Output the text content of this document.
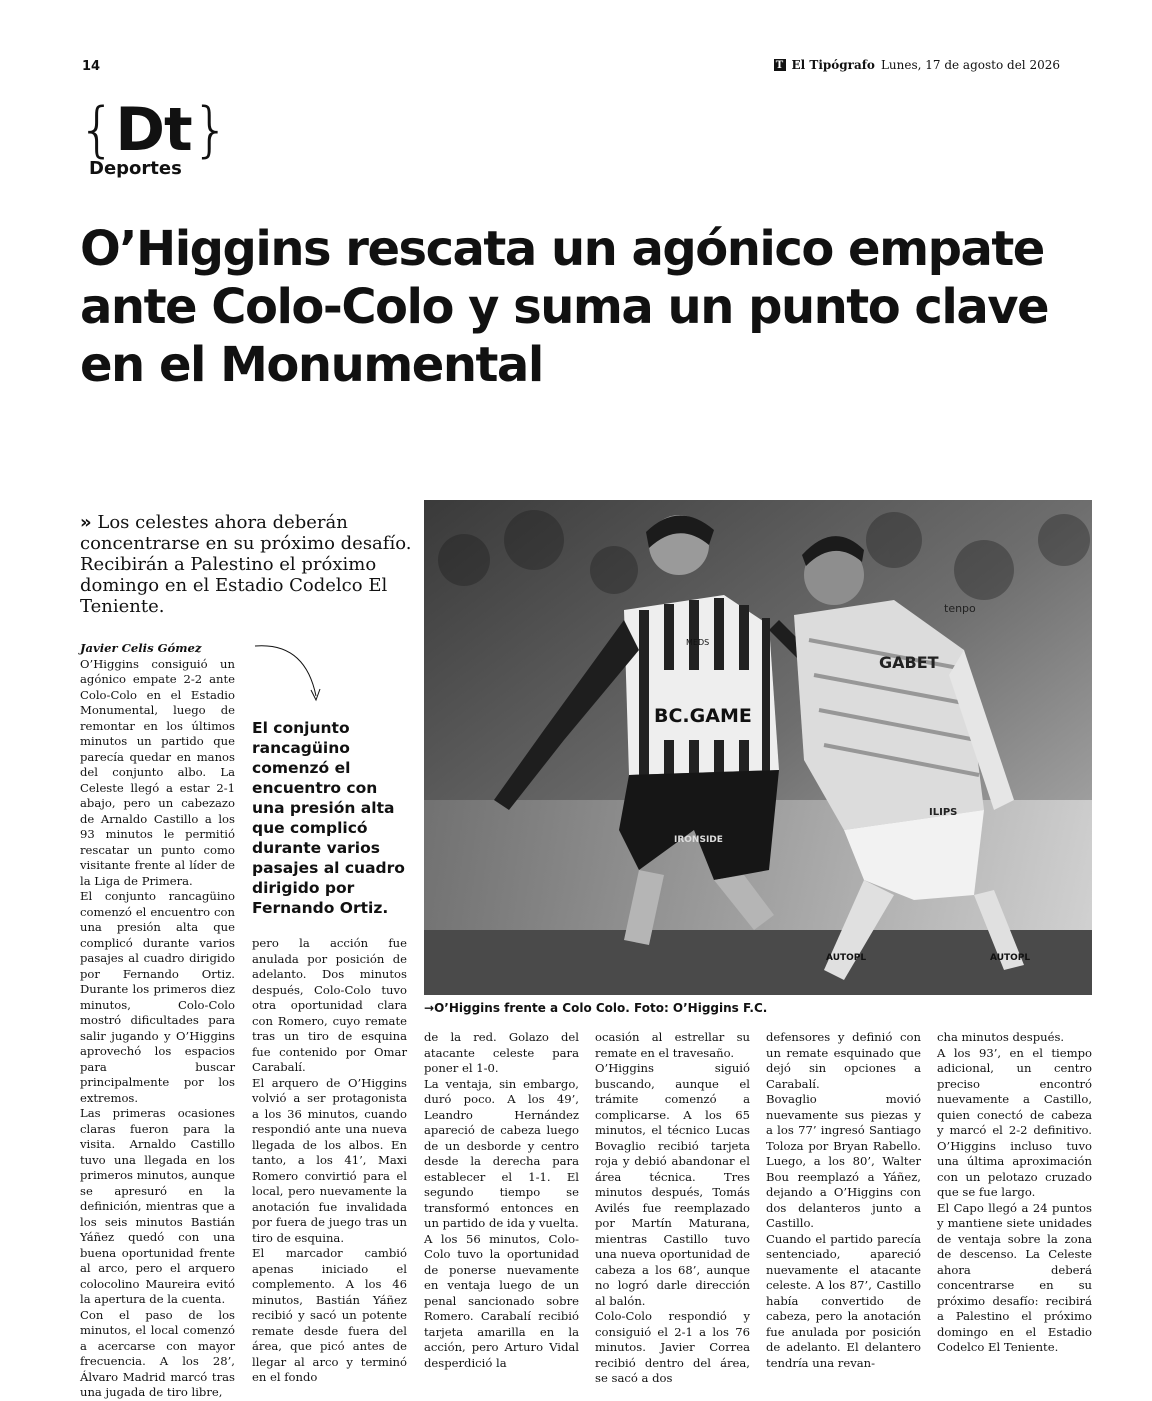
14	T El Tipógrafo Lunes, 17 de agosto del 2026
{Dt}
Deportes
O’Higgins rescata un agónico empate ante Colo-Colo y suma un punto clave en el Monumental
» Los celestes ahora deberán concentrarse en su próximo desafío. Recibirán a Palestino el próximo domingo en el Estadio Codelco El Teniente.
BC.GAME
MEDS
IRONSIDE
GABET
tenpo
ILIPS
AUTOPL	AUTOPL
→O’Higgins frente a Colo Colo. Foto: O’Higgins F.C.
El conjunto rancagüino comenzó el encuentro con una presión alta que complicó durante varios pasajes al cuadro dirigido por Fernando Ortiz.

Javier Celis Gómez

O’Higgins consiguió un agónico empate 2-2 ante Colo-Colo en el Estadio Monumental, luego de remontar en los últimos minutos un partido que parecía quedar en manos del conjunto albo. La Celeste llegó a estar 2-1 abajo, pero un cabezazo de Arnaldo Castillo a los 93 minutos le permitió rescatar un punto como visitante frente al líder de la Liga de Primera.

El conjunto rancagüino comenzó el encuentro con una presión alta que complicó durante varios pasajes al cuadro dirigido por Fernando Ortiz. Durante los primeros diez minutos, Colo-Colo mostró dificultades para salir jugando y O’Higgins aprovechó los espacios para buscar principalmente por los extremos.

Las primeras ocasiones claras fueron para la visita. Arnaldo Castillo tuvo una llegada en los primeros minutos, aunque se apresuró en la definición, mientras que a los seis minutos Bastián Yáñez quedó con una buena oportunidad frente al arco, pero el arquero colocolino Maureira evitó la apertura de la cuenta.

Con el paso de los minutos, el local comenzó a acercarse con mayor frecuencia. A los 28’, Álvaro Madrid marcó tras una jugada de tiro libre,

pero la acción fue anulada por posición de adelanto. Dos minutos después, Colo-Colo tuvo otra oportunidad clara con Romero, cuyo remate tras un tiro de esquina fue contenido por Omar Carabalí.

El arquero de O’Higgins volvió a ser protagonista a los 36 minutos, cuando respondió ante una nueva llegada de los albos. En tanto, a los 41’, Maxi Romero convirtió para el local, pero nuevamente la anotación fue invalidada por fuera de juego tras un tiro de esquina.

El marcador cambió apenas iniciado el complemento. A los 46 minutos, Bastián Yáñez recibió y sacó un potente remate desde fuera del área, que picó antes de llegar al arco y terminó en el fondo

de la red. Golazo del atacante celeste para poner el 1-0.

La ventaja, sin embargo, duró poco. A los 49’, Leandro Hernández apareció de cabeza luego de un desborde y centro desde la derecha para establecer el 1-1. El segundo tiempo se transformó entonces en un partido de ida y vuelta.

A los 56 minutos, Colo-Colo tuvo la oportunidad de ponerse nuevamente en ventaja luego de un penal sancionado sobre Romero. Carabalí recibió tarjeta amarilla en la acción, pero Arturo Vidal desperdició la

ocasión al estrellar su remate en el travesaño.

O’Higgins siguió buscando, aunque el trámite comenzó a complicarse. A los 65 minutos, el técnico Lucas Bovaglio recibió tarjeta roja y debió abandonar el área técnica. Tres minutos después, Tomás Avilés fue reemplazado por Martín Maturana, mientras Castillo tuvo una nueva oportunidad de cabeza a los 68’, aunque no logró darle dirección al balón.

Colo-Colo respondió y consiguió el 2-1 a los 76 minutos. Javier Correa recibió dentro del área, se sacó a dos

defensores y definió con un remate esquinado que dejó sin opciones a Carabalí.

Bovaglio movió nuevamente sus piezas y a los 77’ ingresó Santiago Toloza por Bryan Rabello. Luego, a los 80’, Walter Bou reemplazó a Yáñez, dejando a O’Higgins con dos delanteros junto a Castillo.

Cuando el partido parecía sentenciado, apareció nuevamente el atacante celeste. A los 87’, Castillo había convertido de cabeza, pero la anotación fue anulada por posición de adelanto. El delantero tendría una revan-

cha minutos después.

A los 93’, en el tiempo adicional, un centro preciso encontró nuevamente a Castillo, quien conectó de cabeza y marcó el 2-2 definitivo. O’Higgins incluso tuvo una última aproximación con un pelotazo cruzado que se fue largo.

El Capo llegó a 24 puntos y mantiene siete unidades de ventaja sobre la zona de descenso. La Celeste ahora deberá concentrarse en su próximo desafío: recibirá a Palestino el próximo domingo en el Estadio Codelco El Teniente.
